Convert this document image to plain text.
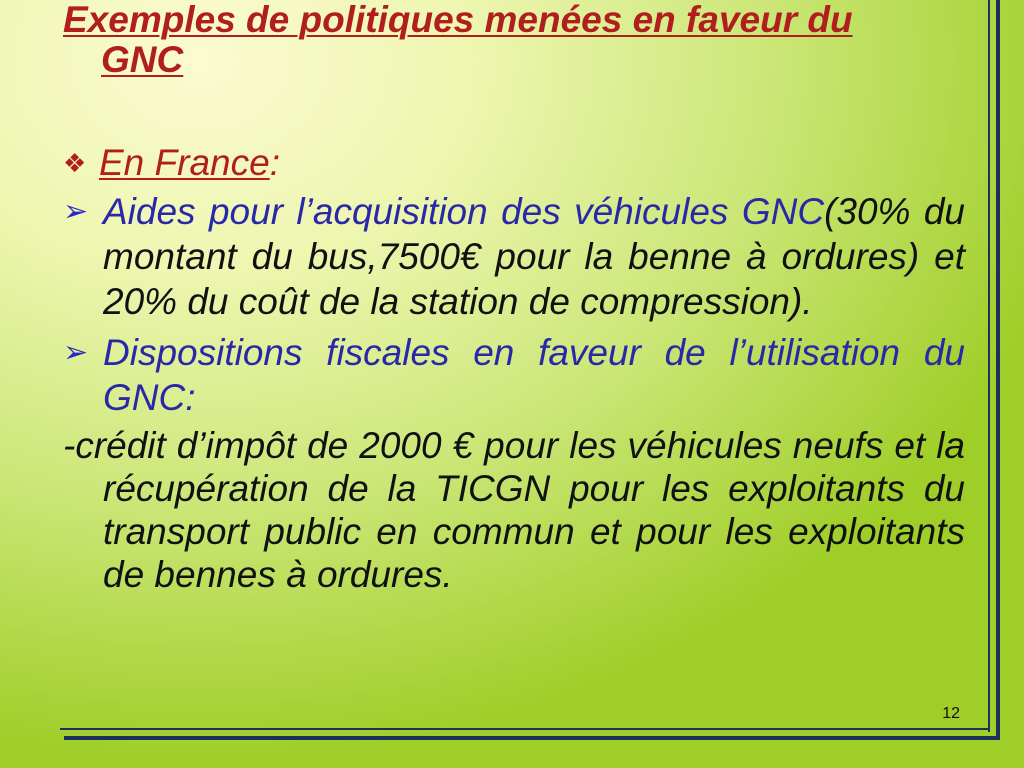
Exemples de politiques menées en faveur du GNC
❖ En France :
➢ Aides pour l’acquisition des véhicules GNC(30% du montant du bus,7500€ pour la benne à ordures) et 20% du coût de la station de compression).
➢ Dispositions fiscales en faveur de l’utilisation du GNC:
-crédit d’impôt de 2000 € pour les véhicules neufs et la récupération de la TICGN pour les exploitants du transport public en commun et pour les exploitants de bennes à ordures.
12
